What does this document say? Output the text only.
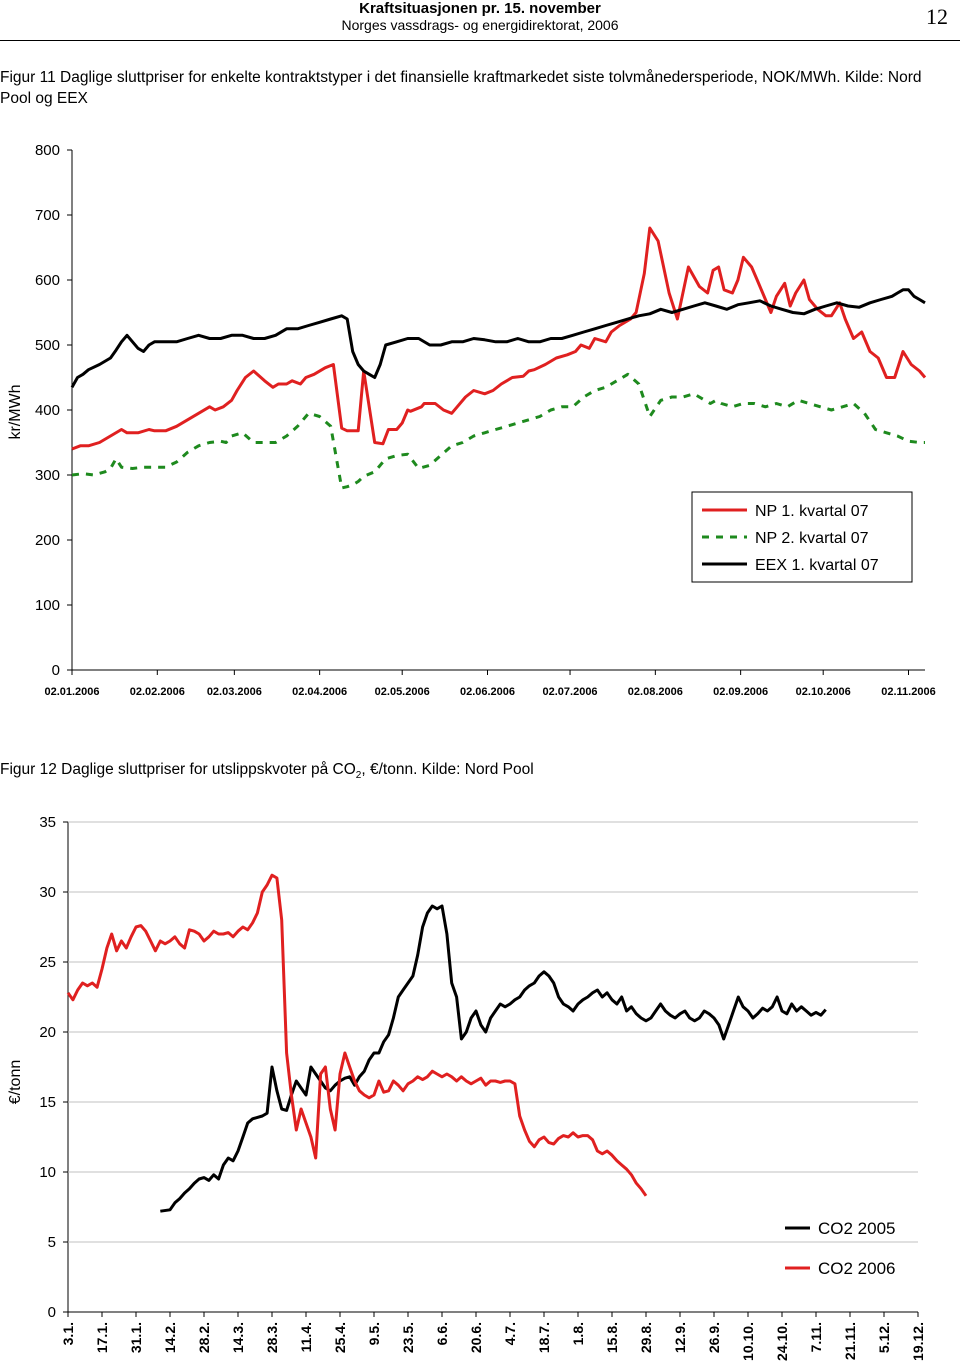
Kraftsituasjonen pr. 15. november
Norges vassdrags- og energidirektorat, 2006	12
Figur 11 Daglige sluttpriser for enkelte kontraktstyper i det finansielle kraftmarkedet siste tolvmånedersperiode, NOK/MWh. Kilde: Nord Pool og EEX
0
100
200
300
400
500
600
700
800
02.01.2006	02.02.2006 02.03.2006	02.04.2006 02.05.2006	02.06.2006 02.07.2006	02.08.2006	02.09.2006 02.10.2006	02.11.2006
kr/MWh
NP 1. kvartal 07
NP 2. kvartal 07
EEX 1. kvartal 07
Figur 12 Daglige sluttpriser for utslippskvoter på $CO_2$, €/tonn. Kilde: Nord Pool
0
5
10
15
20
25
30
35
3.1. 17.1. 31.1. 14.2. 28.2. 14.3. 28.3. 11.4. 25.4. 9.5. 23.5. 6.6. 20.6. 4.7. 18.7. 1.8. 15.8. 29.8. 12.9. 26.9. 10.10. 24.10. 7.11. 21.11. 5.12. 19.12.
€/tonn
CO2 2005
CO2 2006
